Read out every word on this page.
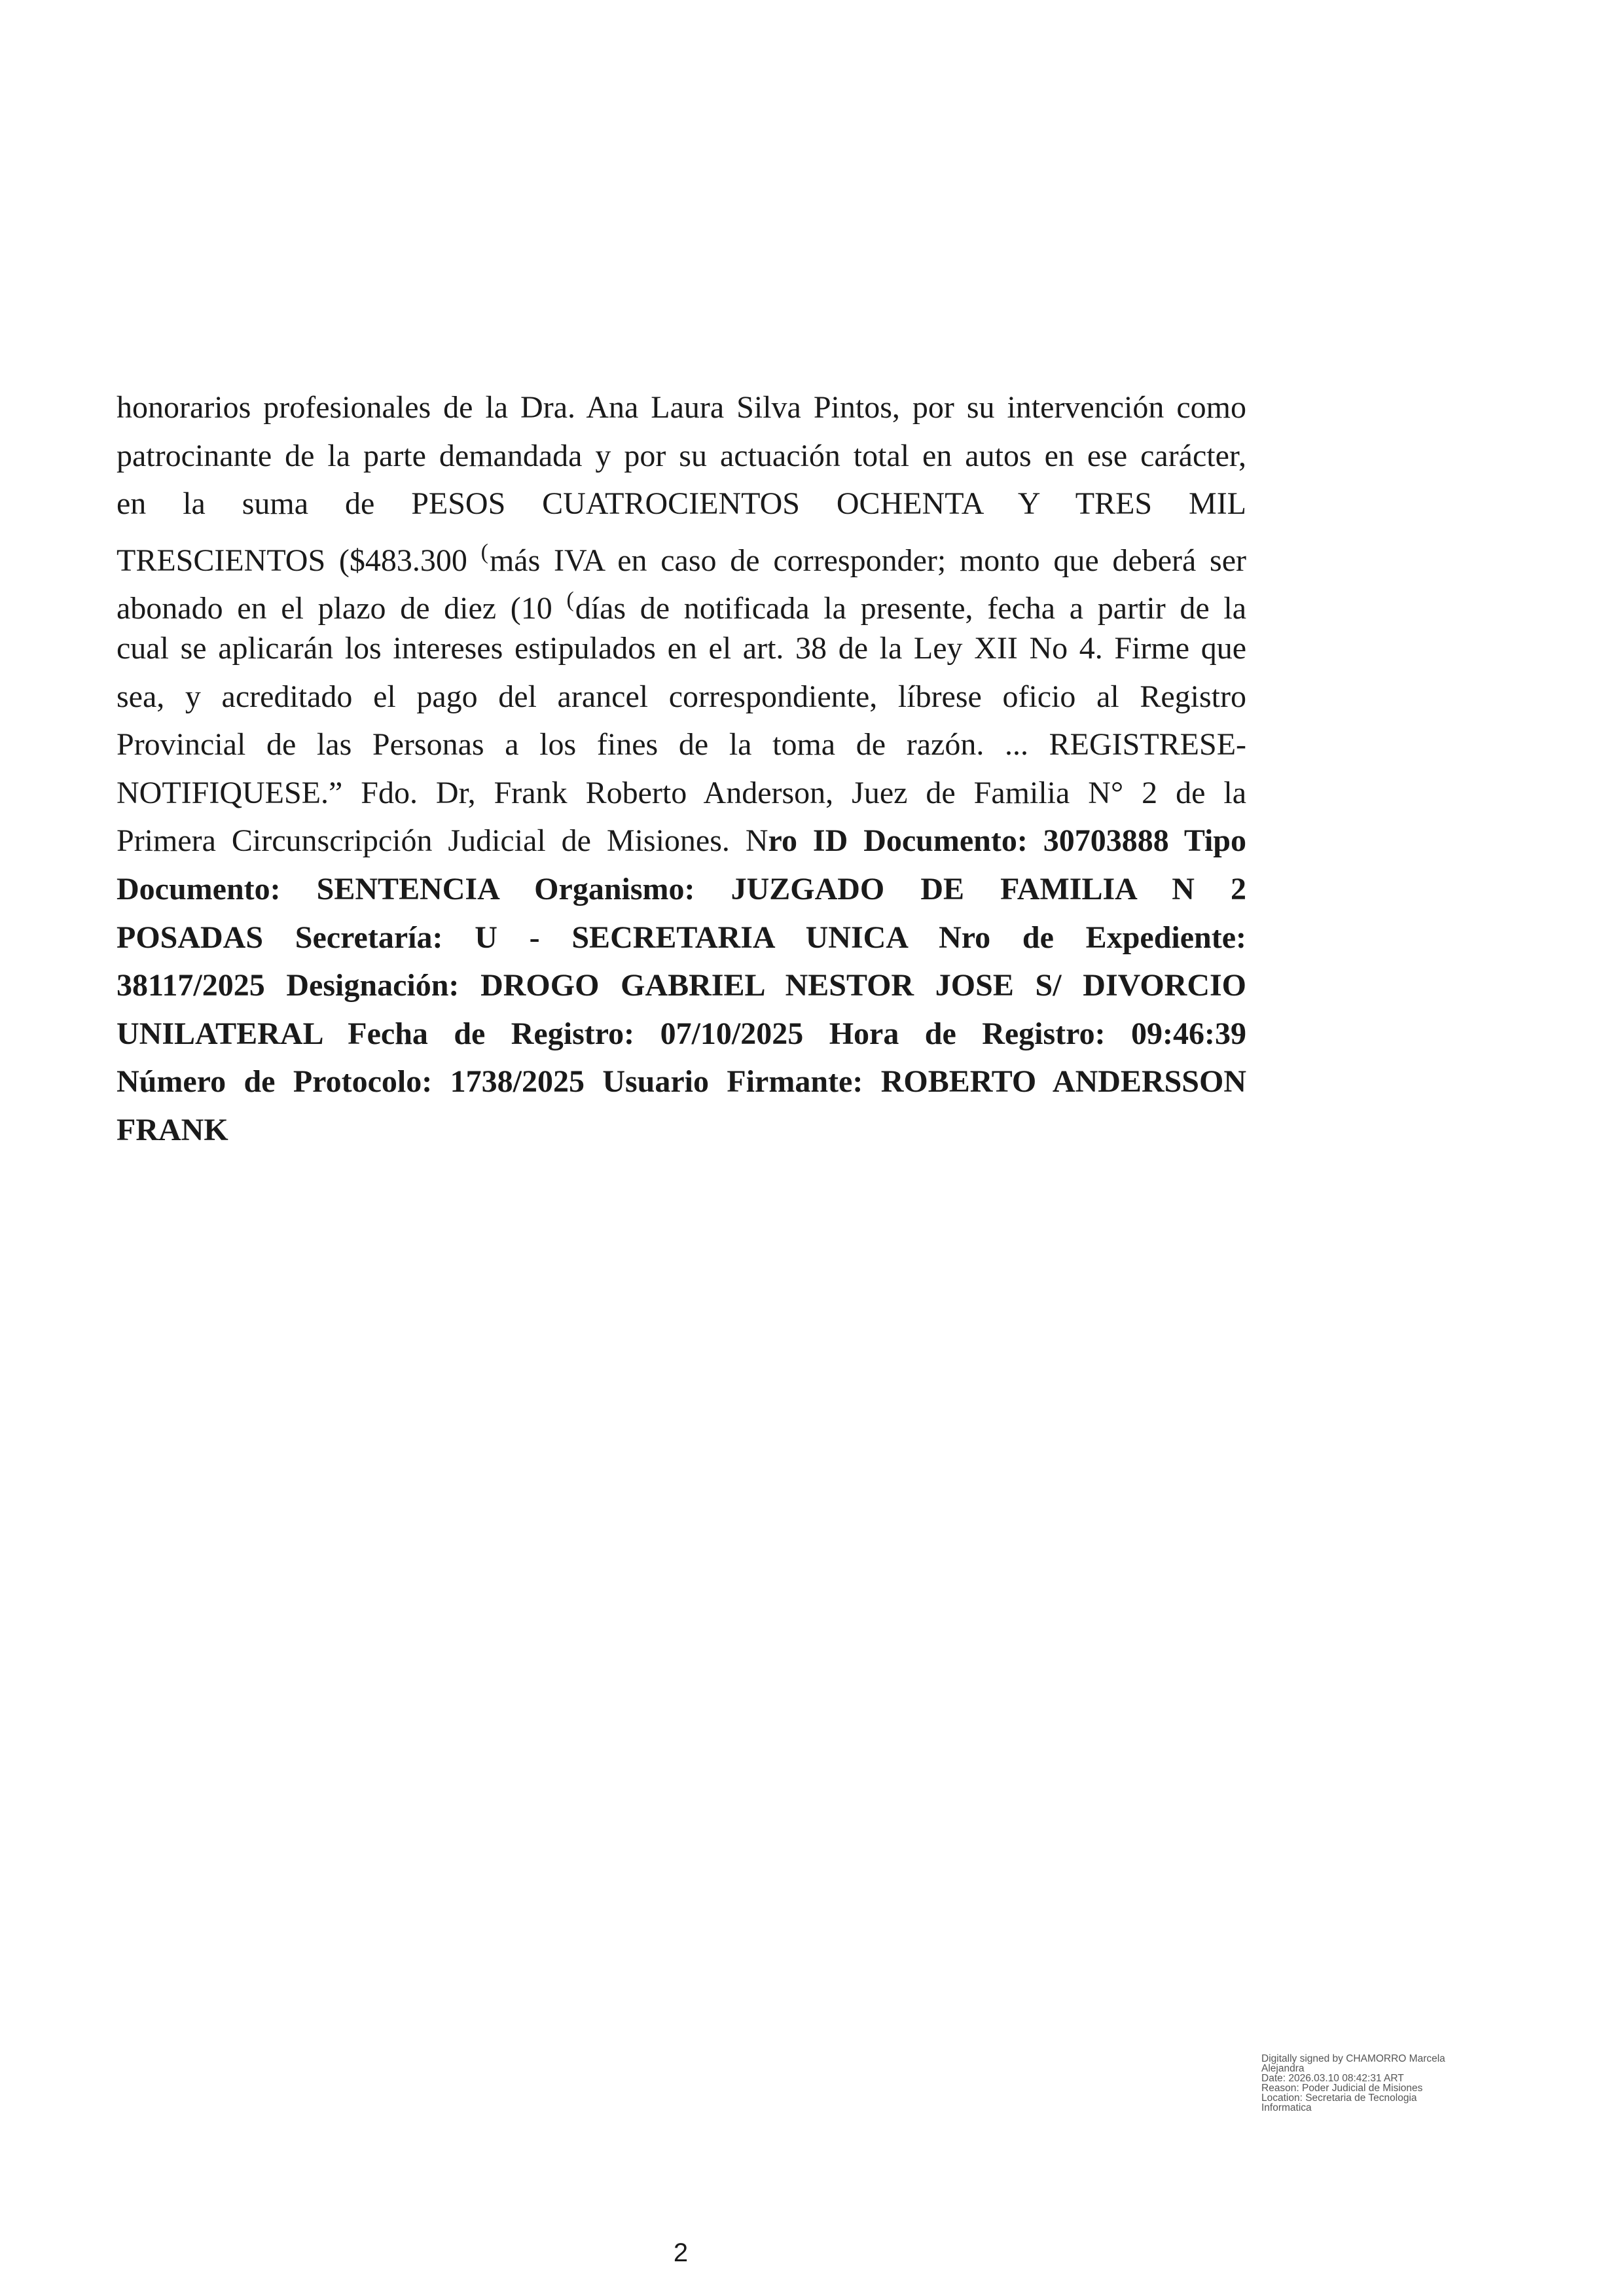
honorarios profesionales de la Dra. Ana Laura Silva Pintos, por su intervención como
patrocinante de la parte demandada y por su actuación total en autos en ese carácter,
en la suma de PESOS CUATROCIENTOS OCHENTA Y TRES MIL
TRESCIENTOS ($483.300 (más IVA en caso de corresponder; monto que deberá ser
abonado en el plazo de diez (10 (días de notificada la presente, fecha a partir de la
cual se aplicarán los intereses estipulados en el art. 38 de la Ley XII No 4. Firme que
sea, y acreditado el pago del arancel correspondiente, líbrese oficio al Registro
Provincial de las Personas a los fines de la toma de razón. ... REGISTRESE-
NOTIFIQUESE.” Fdo. Dr, Frank Roberto Anderson, Juez de Familia N° 2 de la
Primera Circunscripción Judicial de Misiones. Nro ID Documento: 30703888 Tipo
Documento: SENTENCIA Organismo: JUZGADO DE FAMILIA N 2
POSADAS Secretaría: U - SECRETARIA UNICA Nro de Expediente:
38117/2025 Designación: DROGO GABRIEL NESTOR JOSE S/ DIVORCIO
UNILATERAL Fecha de Registro: 07/10/2025 Hora de Registro: 09:46:39
Número de Protocolo: 1738/2025 Usuario Firmante: ROBERTO ANDERSSON
FRANK
Digitally signed by CHAMORRO Marcela
Alejandra
Date: 2026.03.10 08:42:31 ART
Reason: Poder Judicial de Misiones
Location: Secretaria de Tecnologia
Informatica
2
